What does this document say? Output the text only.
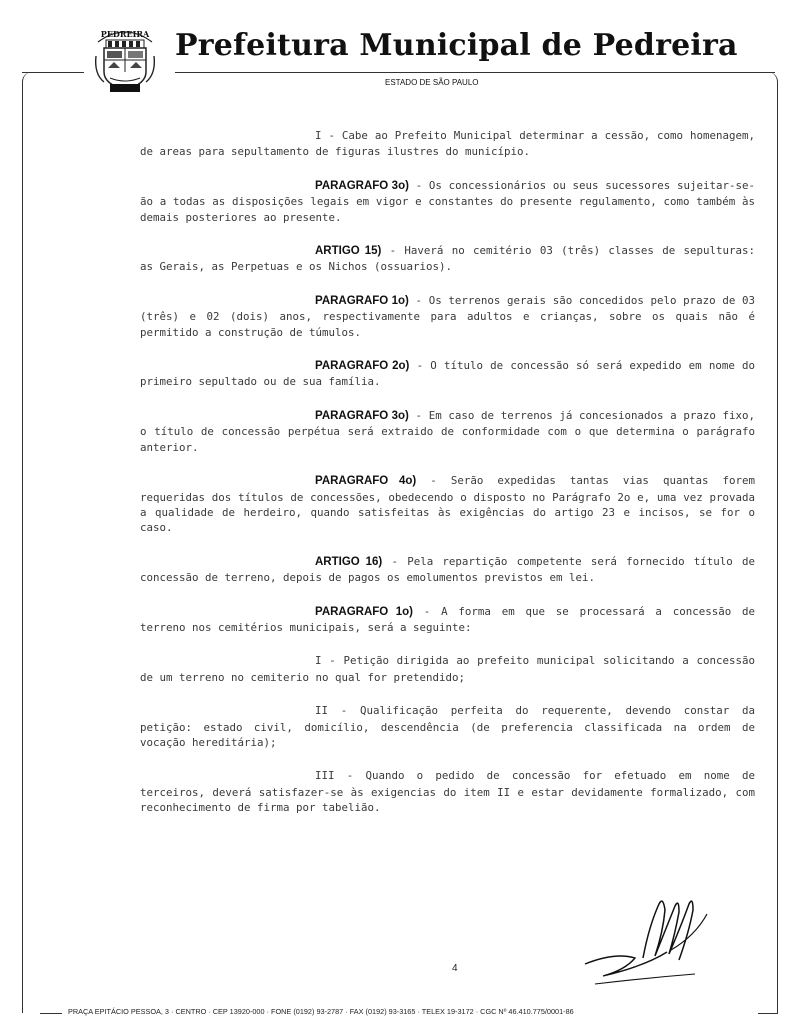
PEDREIRA Prefeitura Municipal de Pedreira
ESTADO DE SÃO PAULO

I - Cabe ao Prefeito Municipal determinar a cessão, como homenagem, de areas para sepultamento de figuras ilustres do município.

PARAGRAFO 3o) - Os concessionários ou seus sucessores sujeitar-se-ão a todas as disposições legais em vigor e constantes do presente regulamento, como também às demais posteriores ao presente.

ARTIGO 15) - Haverá no cemitério 03 (três) classes de sepulturas: as Gerais, as Perpetuas e os Nichos (ossuarios).

PARAGRAFO 1o) - Os terrenos gerais são concedidos pelo prazo de 03 (três) e 02 (dois) anos, respectivamente para adultos e crianças, sobre os quais não é permitido a construção de túmulos.

PARAGRAFO 2o) - O título de concessão só será expedido em nome do primeiro sepultado ou de sua família.

PARAGRAFO 3o) - Em caso de terrenos já concesionados a prazo fixo, o título de concessão perpétua será extraido de conformidade com o que determina o parágrafo anterior.

PARAGRAFO 4o) - Serão expedidas tantas vias quantas forem requeridas dos títulos de concessões, obedecendo o disposto no Parágrafo 2o e, uma vez provada a qualidade de herdeiro, quando satisfeitas às exigências do artigo 23 e incisos, se for o caso.

ARTIGO 16) - Pela repartição competente será fornecido título de concessão de terreno, depois de pagos os emolumentos previstos em lei.

PARAGRAFO 1o) - A forma em que se processará a concessão de terreno nos cemitérios municipais, será a seguinte:

I - Petição dirigida ao prefeito municipal solicitando a concessão de um terreno no cemiterio no qual for pretendido;

II - Qualificação perfeita do requerente, devendo constar da petição: estado civil, domicílio, descendência (de preferencia classificada na ordem de vocação hereditária);

III - Quando o pedido de concessão for efetuado em nome de terceiros, deverá satisfazer-se às exigencias do item II e estar devidamente formalizado, com reconhecimento de firma por tabelião.

4
PRAÇA EPITÁCIO PESSOA, 3 · CENTRO · CEP 13920-000 · FONE (0192) 93-2787 · FAX (0192) 93-3165 · TELEX 19-3172 · CGC Nº 46.410.775/0001-86
